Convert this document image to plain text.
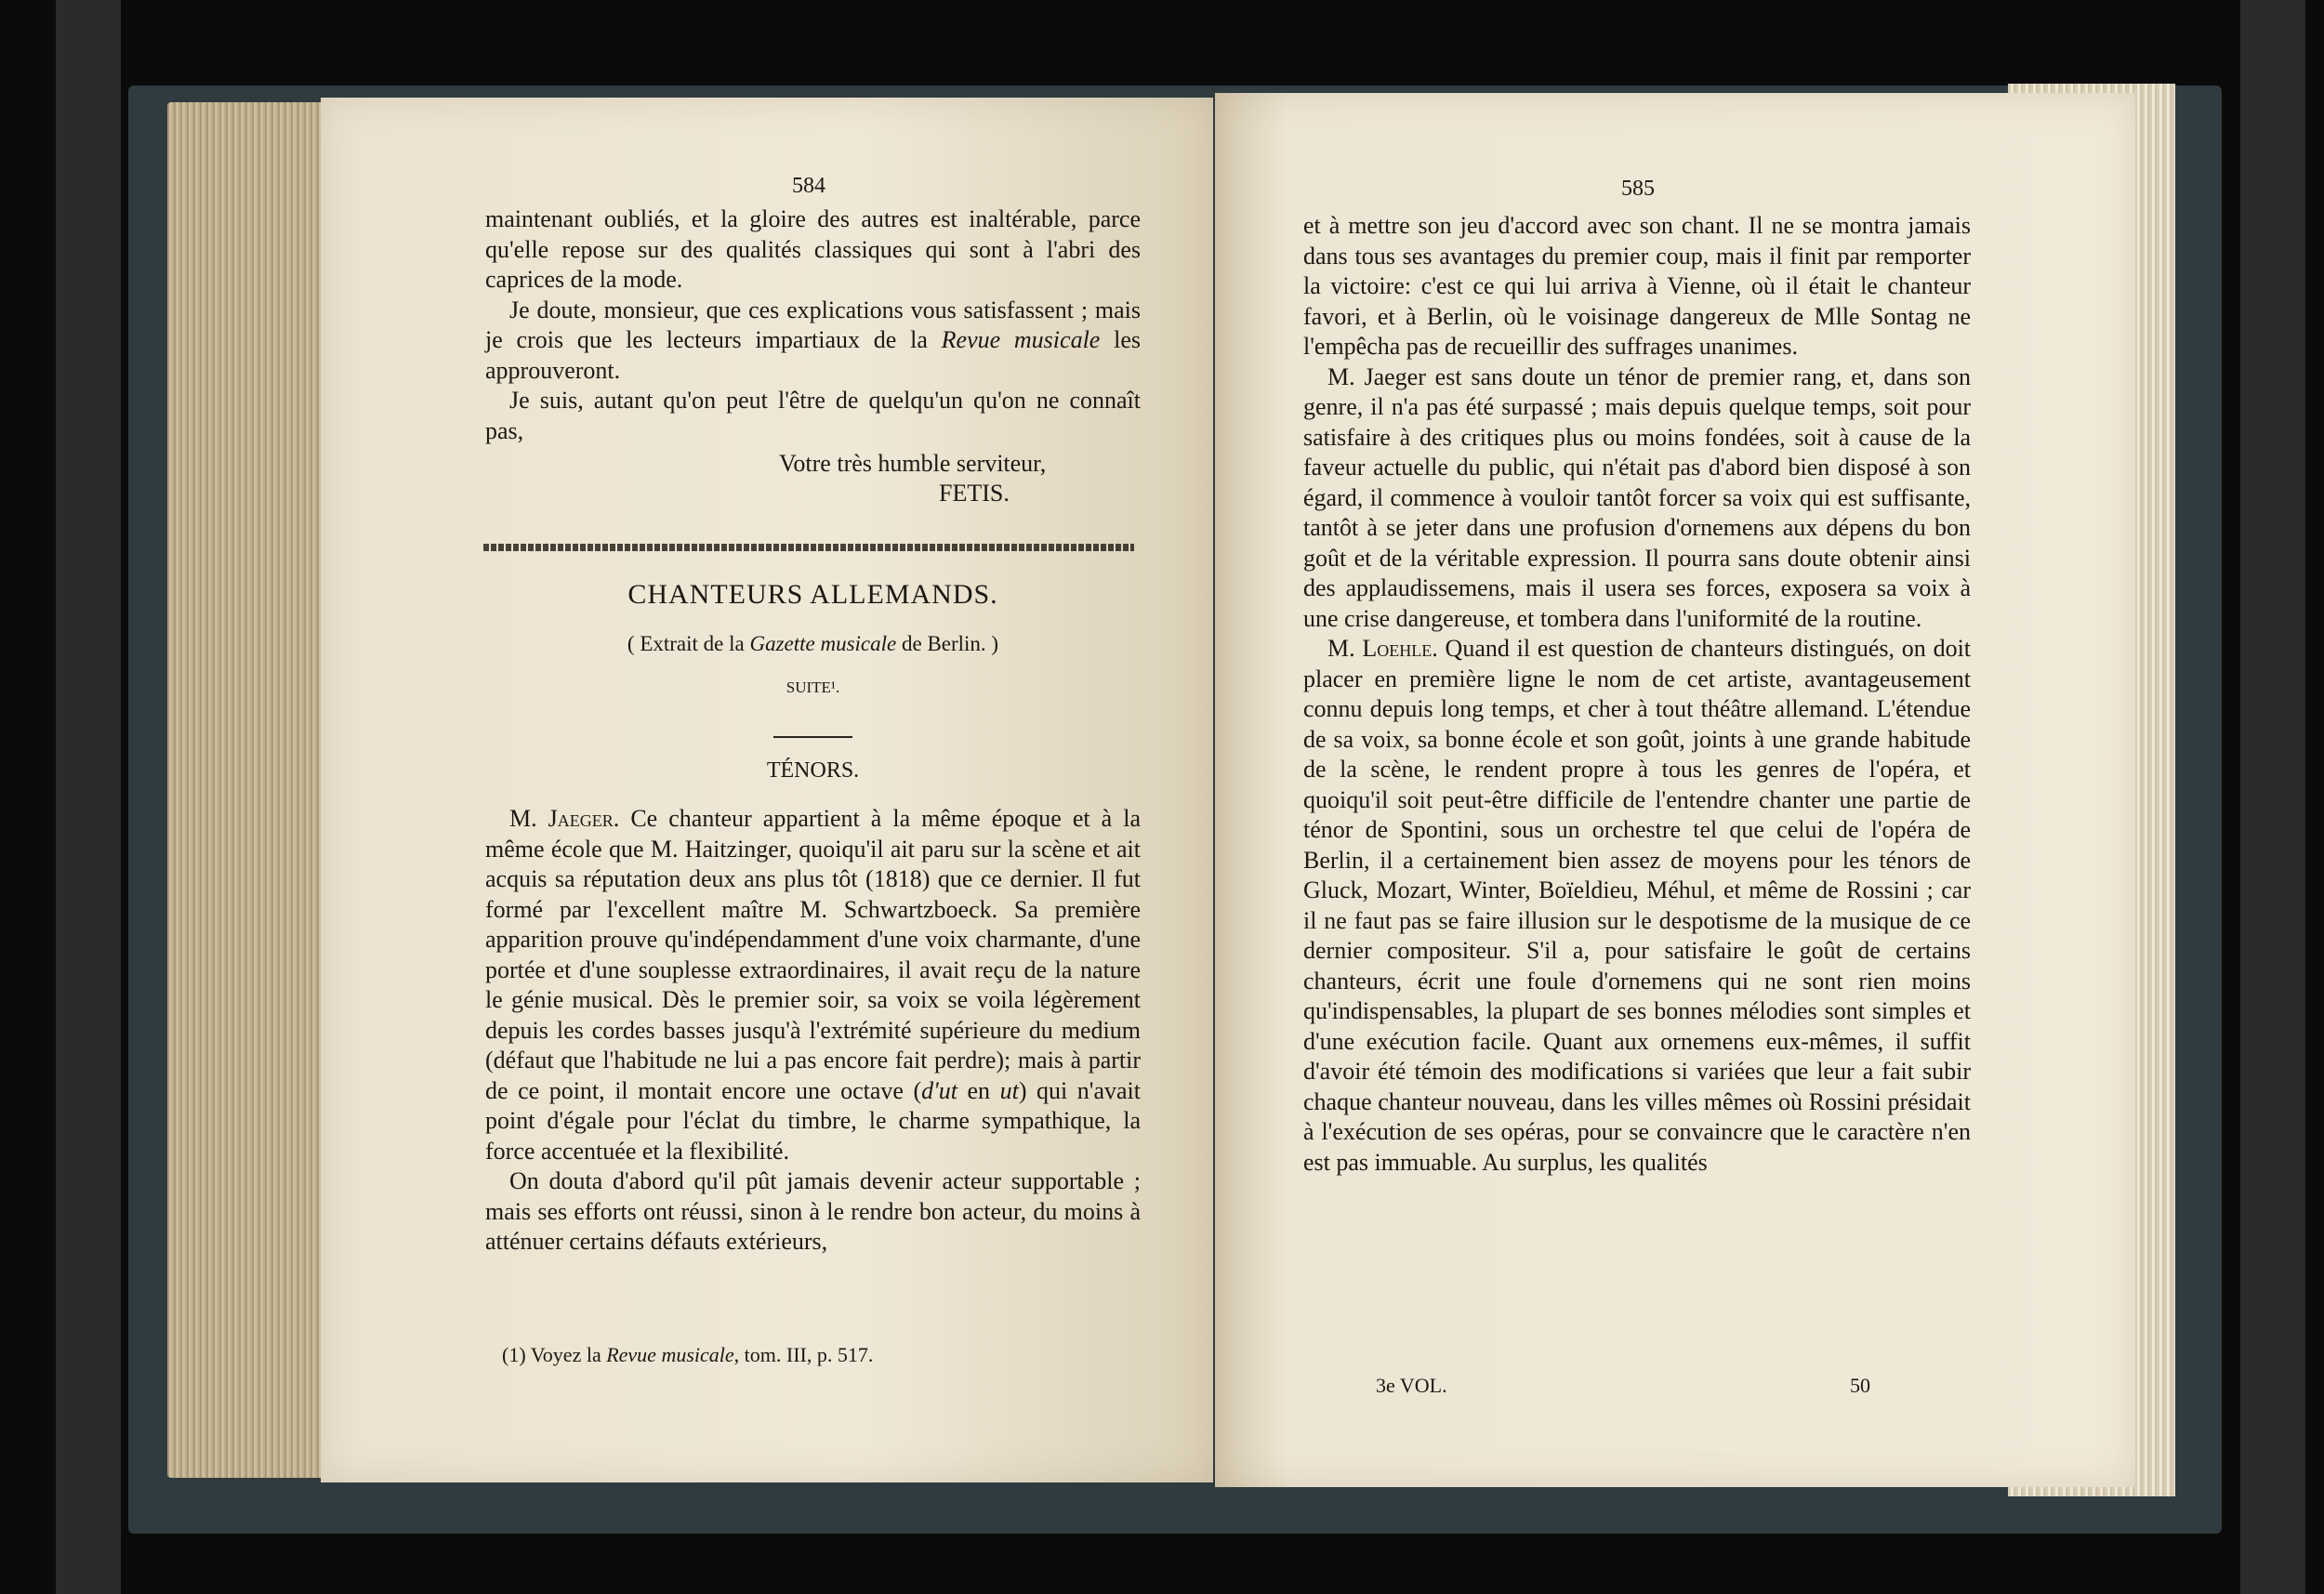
584

maintenant oubliés, et la gloire des autres est inaltérable, parce qu'elle repose sur des qualités classiques qui sont à l'abri des caprices de la mode.

Je doute, monsieur, que ces explications vous satisfassent ; mais je crois que les lecteurs impartiaux de la Revue musicale les approuveront.

Je suis, autant qu'on peut l'être de quelqu'un qu'on ne connaît pas,

Votre très humble serviteur,
FETIS.
CHANTEURS ALLEMANDS.
( Extrait de la Gazette musicale de Berlin. )
SUITE¹.
TÉNORS.

M. Jaeger. Ce chanteur appartient à la même époque et à la même école que M. Haitzinger, quoiqu'il ait paru sur la scène et ait acquis sa réputation deux ans plus tôt (1818) que ce dernier. Il fut formé par l'excellent maître M. Schwartzboeck. Sa première apparition prouve qu'indépendamment d'une voix charmante, d'une portée et d'une souplesse extraordinaires, il avait reçu de la nature le génie musical. Dès le premier soir, sa voix se voila légèrement depuis les cordes basses jusqu'à l'extrémité supérieure du medium (défaut que l'habitude ne lui a pas encore fait perdre); mais à partir de ce point, il montait encore une octave (d'ut en ut) qui n'avait point d'égale pour l'éclat du timbre, le charme sympathique, la force accentuée et la flexibilité.

On douta d'abord qu'il pût jamais devenir acteur supportable ; mais ses efforts ont réussi, sinon à le rendre bon acteur, du moins à atténuer certains défauts extérieurs,

(1) Voyez la Revue musicale, tom. III, p. 517.
585

et à mettre son jeu d'accord avec son chant. Il ne se montra jamais dans tous ses avantages du premier coup, mais il finit par remporter la victoire: c'est ce qui lui arriva à Vienne, où il était le chanteur favori, et à Berlin, où le voisinage dangereux de Mlle Sontag ne l'empêcha pas de recueillir des suffrages unanimes.

M. Jaeger est sans doute un ténor de premier rang, et, dans son genre, il n'a pas été surpassé ; mais depuis quelque temps, soit pour satisfaire à des critiques plus ou moins fondées, soit à cause de la faveur actuelle du public, qui n'était pas d'abord bien disposé à son égard, il commence à vouloir tantôt forcer sa voix qui est suffisante, tantôt à se jeter dans une profusion d'ornemens aux dépens du bon goût et de la véritable expression. Il pourra sans doute obtenir ainsi des applaudissemens, mais il usera ses forces, exposera sa voix à une crise dangereuse, et tombera dans l'uniformité de la routine.

M. Loehle. Quand il est question de chanteurs distingués, on doit placer en première ligne le nom de cet artiste, avantageusement connu depuis long temps, et cher à tout théâtre allemand. L'étendue de sa voix, sa bonne école et son goût, joints à une grande habitude de la scène, le rendent propre à tous les genres de l'opéra, et quoiqu'il soit peut-être difficile de l'entendre chanter une partie de ténor de Spontini, sous un orchestre tel que celui de l'opéra de Berlin, il a certainement bien assez de moyens pour les ténors de Gluck, Mozart, Winter, Boïeldieu, Méhul, et même de Rossini ; car il ne faut pas se faire illusion sur le despotisme de la musique de ce dernier compositeur. S'il a, pour satisfaire le goût de certains chanteurs, écrit une foule d'ornemens qui ne sont rien moins qu'indispensables, la plupart de ses bonnes mélodies sont simples et d'une exécution facile. Quant aux ornemens eux-mêmes, il suffit d'avoir été témoin des modifications si variées que leur a fait subir chaque chanteur nouveau, dans les villes mêmes où Rossini présidait à l'exécution de ses opéras, pour se convaincre que le caractère n'en est pas immuable. Au surplus, les qualités

3e VOL.	50
